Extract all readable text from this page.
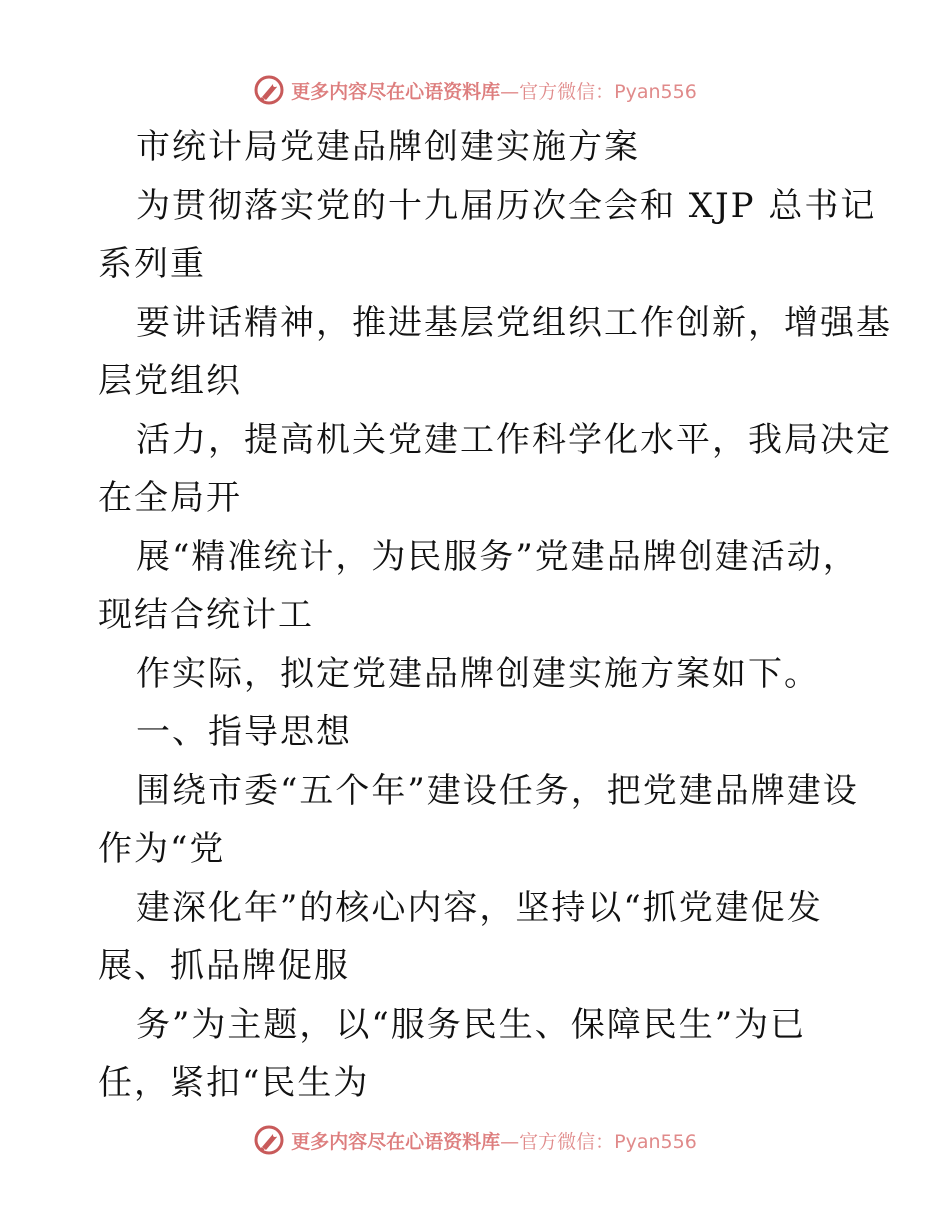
更多内容尽在心语资料库—官方微信：Pyan556
市统计局党建品牌创建实施方案
为贯彻落实党的十九届历次全会和 XJP 总书记
系列重
要讲话精神，推进基层党组织工作创新，增强基
层党组织
活力，提高机关党建工作科学化水平，我局决定
在全局开
展“精准统计，为民服务”党建品牌创建活动，
现结合统计工
作实际，拟定党建品牌创建实施方案如下。
一、指导思想
围绕市委“五个年”建设任务，把党建品牌建设
作为“党
建深化年”的核心内容，坚持以“抓党建促发
展、抓品牌促服
务”为主题，以“服务民生、保障民生”为已
任，紧扣“民生为
更多内容尽在心语资料库—官方微信：Pyan556
